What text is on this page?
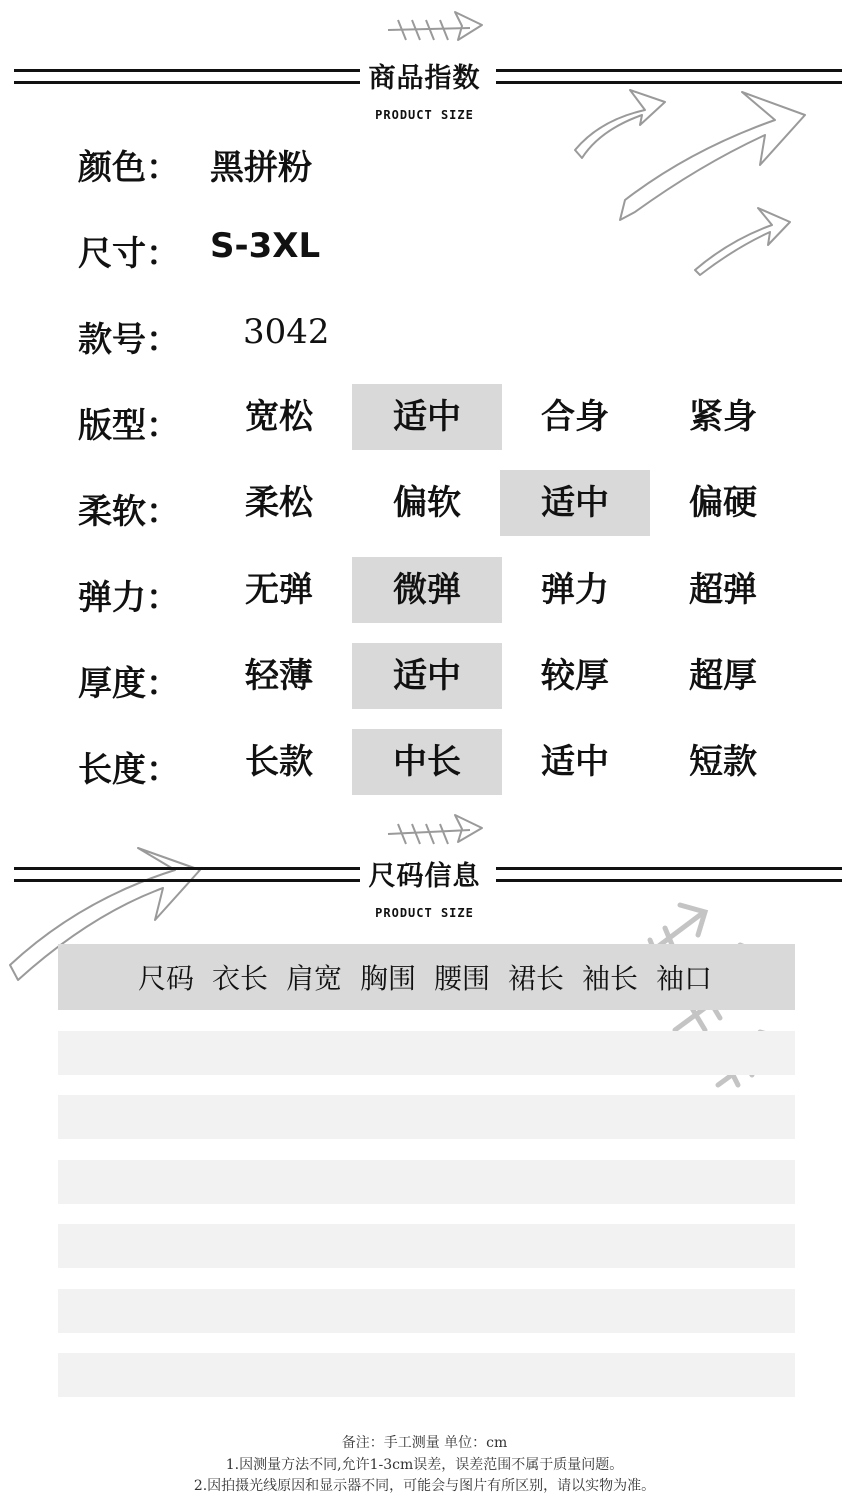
商品指数
PRODUCT SIZE
颜色： 黑拼粉
尺寸： S-3XL
款号： 3042
版型：	宽松	适中	合身	紧身
柔软：	柔松	偏软	适中	偏硬
弹力：	无弹	微弹	弹力	超弹
厚度：	轻薄	适中	较厚	超厚
长度：	长款	中长	适中	短款
尺码信息
PRODUCT SIZE
尺码 衣长 肩宽 胸围 腰围 裙长 袖长 袖口
备注：手工测量 单位：cm
1.因测量方法不同,允许1-3cm误差，误差范围不属于质量问题。
2.因拍摄光线原因和显示器不同，可能会与图片有所区别，请以实物为准。
